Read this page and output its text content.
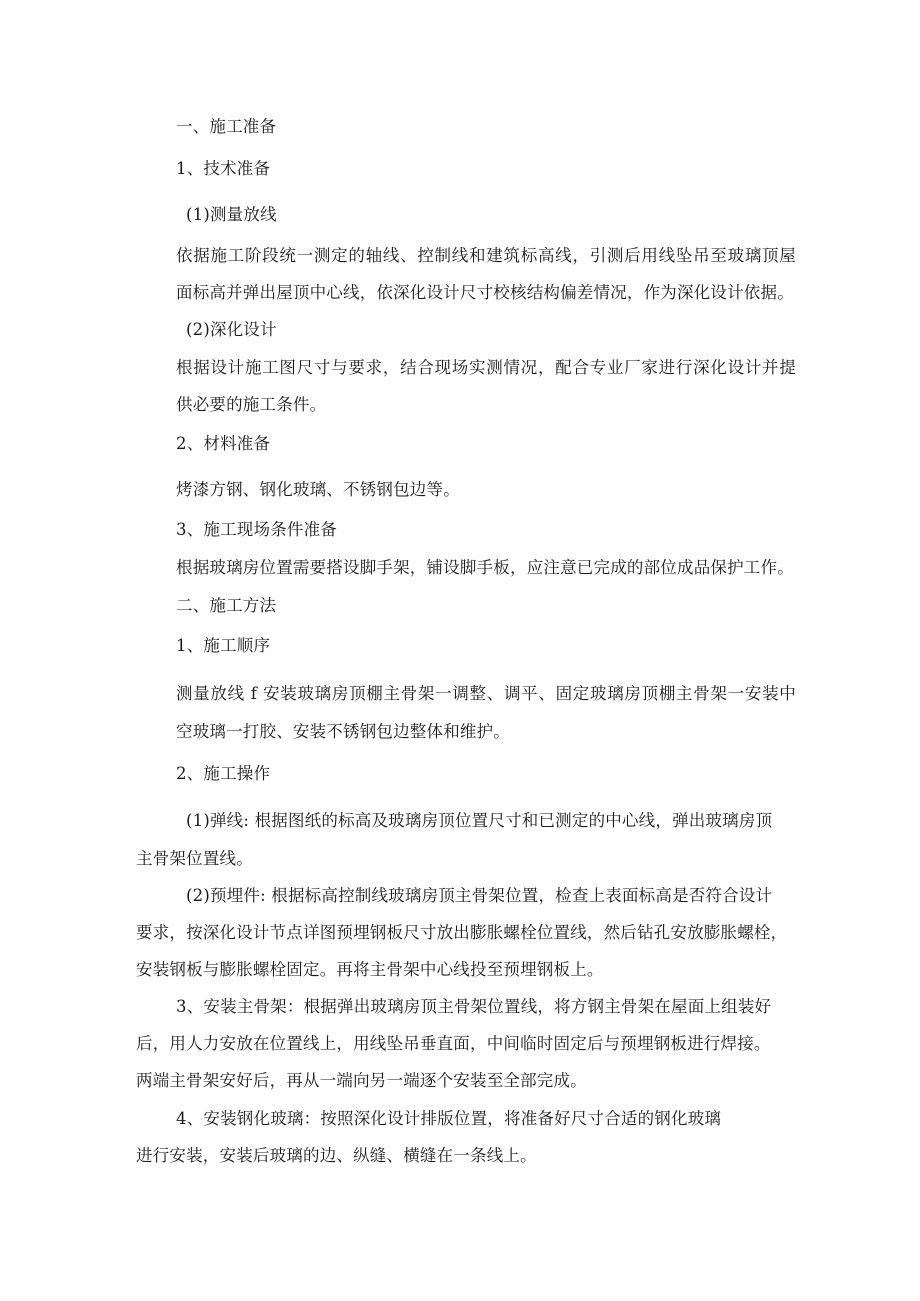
一、施工准备

1、技术准备

(1)测量放线

依据施工阶段统一测定的轴线、控制线和建筑标高线，引测后用线坠吊至玻璃顶屋

面标高并弹出屋顶中心线，依深化设计尺寸校核结构偏差情况，作为深化设计依据。

(2)深化设计

根据设计施工图尺寸与要求，结合现场实测情况，配合专业厂家进行深化设计并提

供必要的施工条件。

2、材料准备

烤漆方钢、钢化玻璃、不锈钢包边等。

3、施工现场条件准备

根据玻璃房位置需要搭设脚手架，铺设脚手板，应注意已完成的部位成品保护工作。

二、施工方法

1、施工顺序

测量放线 f 安装玻璃房顶棚主骨架一调整、调平、固定玻璃房顶棚主骨架一安装中

空玻璃一打胶、安装不锈钢包边整体和维护。

2、施工操作

(1)弹线: 根据图纸的标高及玻璃房顶位置尺寸和已测定的中心线，弹出玻璃房顶

主骨架位置线。

(2)预埋件: 根据标高控制线玻璃房顶主骨架位置，检查上表面标高是否符合设计

要求，按深化设计节点详图预埋钢板尺寸放出膨胀螺栓位置线，然后钻孔安放膨胀螺栓，

安装钢板与膨胀螺栓固定。再将主骨架中心线投至预埋钢板上。

3、安装主骨架：根据弹出玻璃房顶主骨架位置线，将方钢主骨架在屋面上组装好

后，用人力安放在位置线上，用线坠吊垂直面，中间临时固定后与预埋钢板进行焊接。

两端主骨架安好后，再从一端向另一端逐个安装至全部完成。

4、安装钢化玻璃：按照深化设计排版位置，将准备好尺寸合适的钢化玻璃

进行安装，安装后玻璃的边、纵缝、横缝在一条线上。
